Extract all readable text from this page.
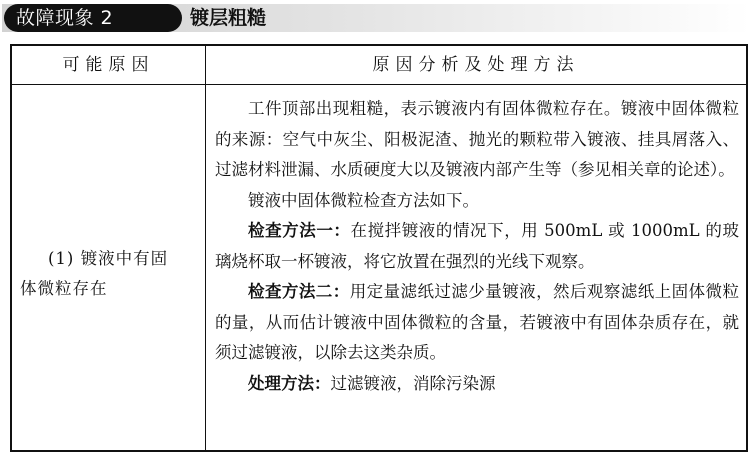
故障现象 2	镀层粗糙
可能原因	原因分析及处理方法
(1) 镀液中有固
体微粒存在

工件顶部出现粗糙，表示镀液内有固体微粒存在。镀液中固体微粒的来源：空气中灰尘、阳极泥渣、抛光的颗粒带入镀液、挂具屑落入、过滤材料泄漏、水质硬度大以及镀液内部产生等（参见相关章的论述）。

镀液中固体微粒检查方法如下。

检查方法一：在搅拌镀液的情况下，用 500mL 或 1000mL 的玻璃烧杯取一杯镀液，将它放置在强烈的光线下观察。

检查方法二：用定量滤纸过滤少量镀液，然后观察滤纸上固体微粒的量，从而估计镀液中固体微粒的含量，若镀液中有固体杂质存在，就须过滤镀液，以除去这类杂质。

处理方法：过滤镀液，消除污染源
